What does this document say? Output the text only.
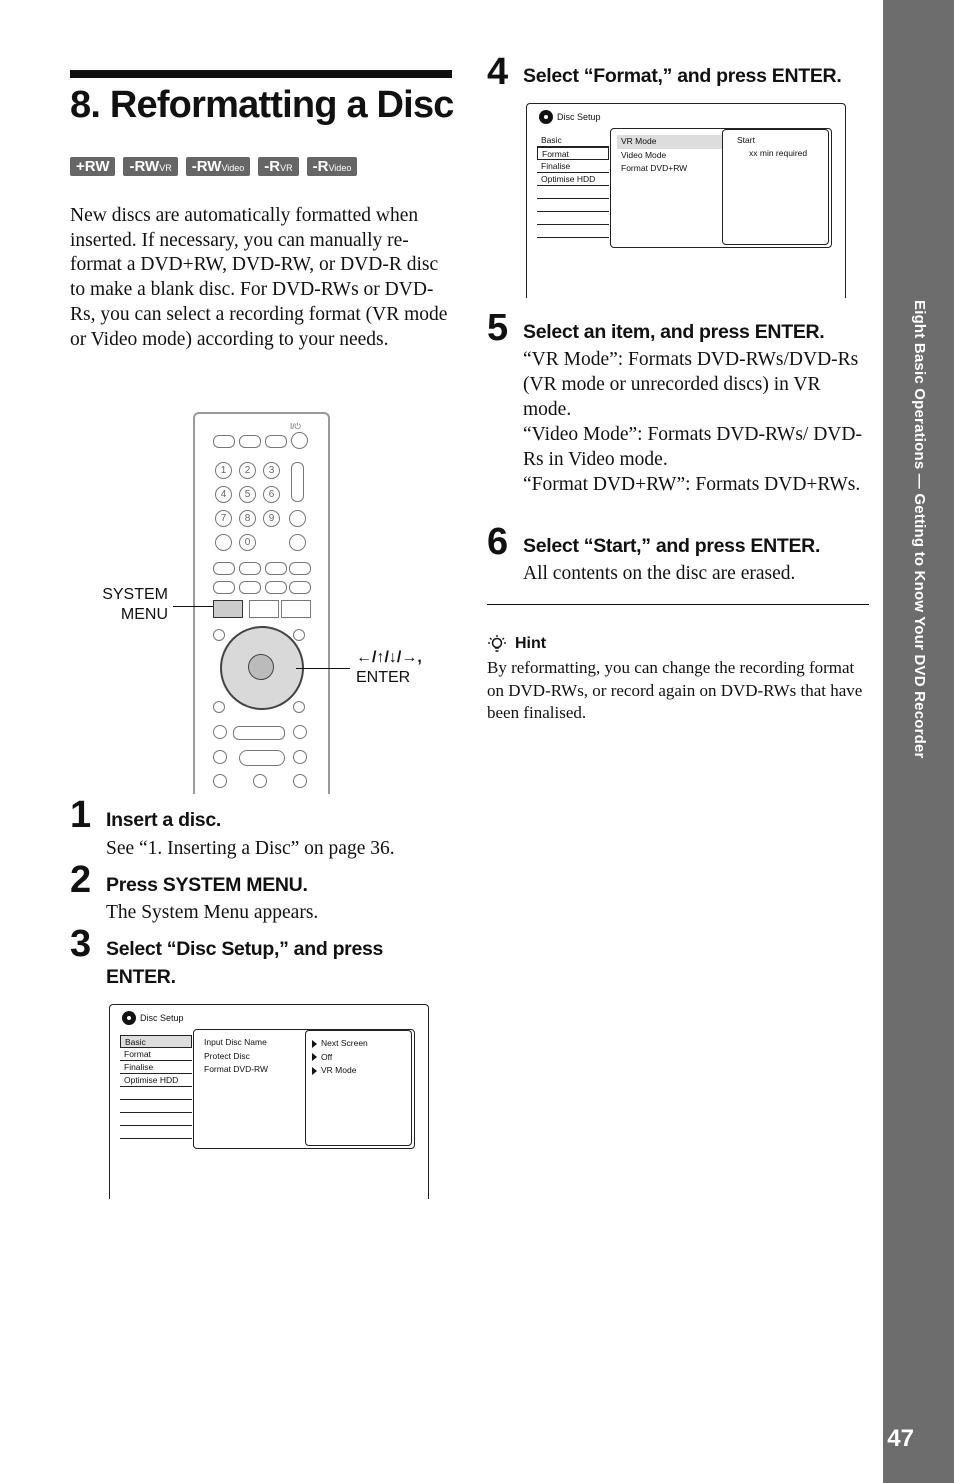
Eight Basic Operations — Getting to Know Your DVD Recorder
47
8. Reformatting a Disc
+RW	-RWVR	-RWVideo	-RVR	-RVideo
New discs are automatically formatted when inserted. If necessary, you can manually re-format a DVD+RW, DVD-RW, or DVD-R disc to make a blank disc. For DVD-RWs or DVD-Rs, you can select a recording format (VR mode or Video mode) according to your needs.
I/⏻
1	2	3
4	5	6
7	8	9
0
SYSTEM
MENU
←/↑/↓/→,
ENTER
1 Insert a disc.
See “1. Inserting a Disc” on page 36.
2 Press SYSTEM MENU.
The System Menu appears.
3 Select “Disc Setup,” and press ENTER.
Disc Setup
Basic
Format
Finalise
Optimise HDD
Input Disc Name
Protect Disc
Format DVD-RW
Next Screen
Off
VR Mode
4 Select “Format,” and press ENTER.
Disc Setup
Basic
Format
Finalise
Optimise HDD
VR Mode
Video Mode
Format DVD+RW
Start
xx min required
5 Select an item, and press ENTER.
“VR Mode”: Formats DVD-RWs/DVD-Rs (VR mode or unrecorded discs) in VR mode.
“Video Mode”: Formats DVD-RWs/ DVD-Rs in Video mode.
“Format DVD+RW”: Formats DVD+RWs.
6 Select “Start,” and press ENTER.
All contents on the disc are erased.
Hint
By reformatting, you can change the recording format on DVD-RWs, or record again on DVD-RWs that have been finalised.
